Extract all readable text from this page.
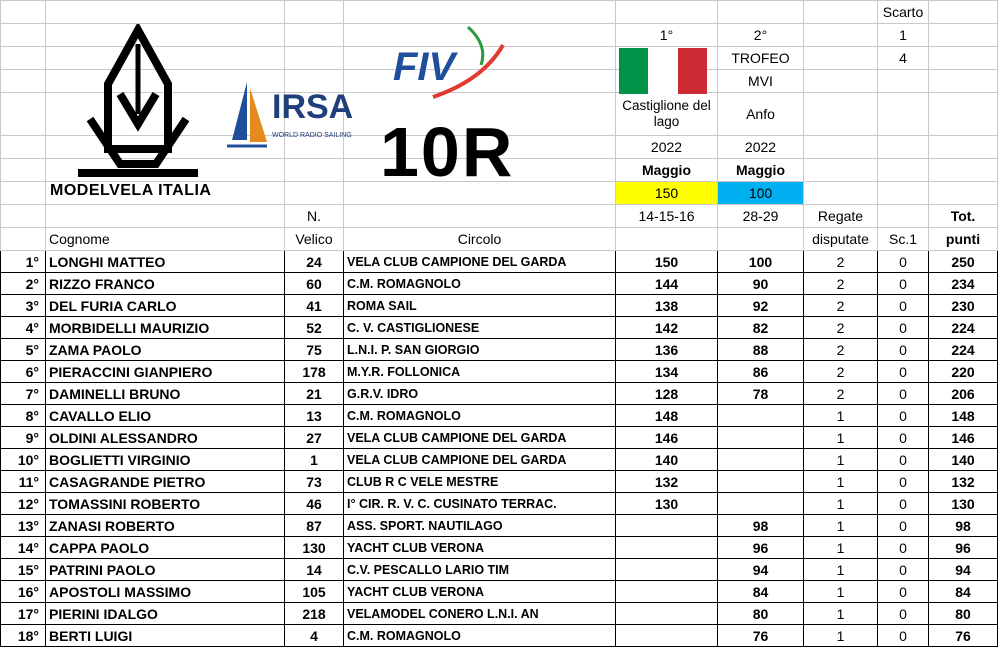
							Scarto	
				1°	2°		1	
					TROFEO		4	
					MVI			
				Castiglione del lago	Anfo			
				2022	2022			
				Maggio	Maggio			
				150	100			
		N.		14-15-16	28-29	Regate		Tot.
	Cognome	Velico	Circolo			disputate	Sc.1	punti
1°	LONGHI MATTEO	24	VELA CLUB CAMPIONE DEL GARDA	150	100	2	0	250
2°	RIZZO FRANCO	60	C.M. ROMAGNOLO	144	90	2	0	234
3°	DEL FURIA CARLO	41	ROMA SAIL	138	92	2	0	230
4°	MORBIDELLI MAURIZIO	52	C. V. CASTIGLIONESE	142	82	2	0	224
5°	ZAMA PAOLO	75	L.N.I. P. SAN GIORGIO	136	88	2	0	224
6°	PIERACCINI GIANPIERO	178	M.Y.R. FOLLONICA	134	86	2	0	220
7°	DAMINELLI BRUNO	21	G.R.V. IDRO	128	78	2	0	206
8°	CAVALLO ELIO	13	C.M. ROMAGNOLO	148		1	0	148
9°	OLDINI ALESSANDRO	27	VELA CLUB CAMPIONE DEL GARDA	146		1	0	146
10°	BOGLIETTI VIRGINIO	1	VELA CLUB CAMPIONE DEL GARDA	140		1	0	140
11°	CASAGRANDE PIETRO	73	CLUB R C VELE MESTRE	132		1	0	132
12°	TOMASSINI ROBERTO	46	I° CIR. R. V. C. CUSINATO TERRAC.	130		1	0	130
13°	ZANASI ROBERTO	87	ASS. SPORT. NAUTILAGO		98	1	0	98
14°	CAPPA PAOLO	130	YACHT CLUB VERONA		96	1	0	96
15°	PATRINI PAOLO	14	C.V. PESCALLO LARIO TIM		94	1	0	94
16°	APOSTOLI MASSIMO	105	YACHT CLUB VERONA		84	1	0	84
17°	PIERINI IDALGO	218	VELAMODEL CONERO L.N.I. AN		80	1	0	80
18°	BERTI LUIGI	4	C.M. ROMAGNOLO		76	1	0	76
MODELVELA ITALIA
IRSA
WORLD RADIO SAILING
FIV
10R
